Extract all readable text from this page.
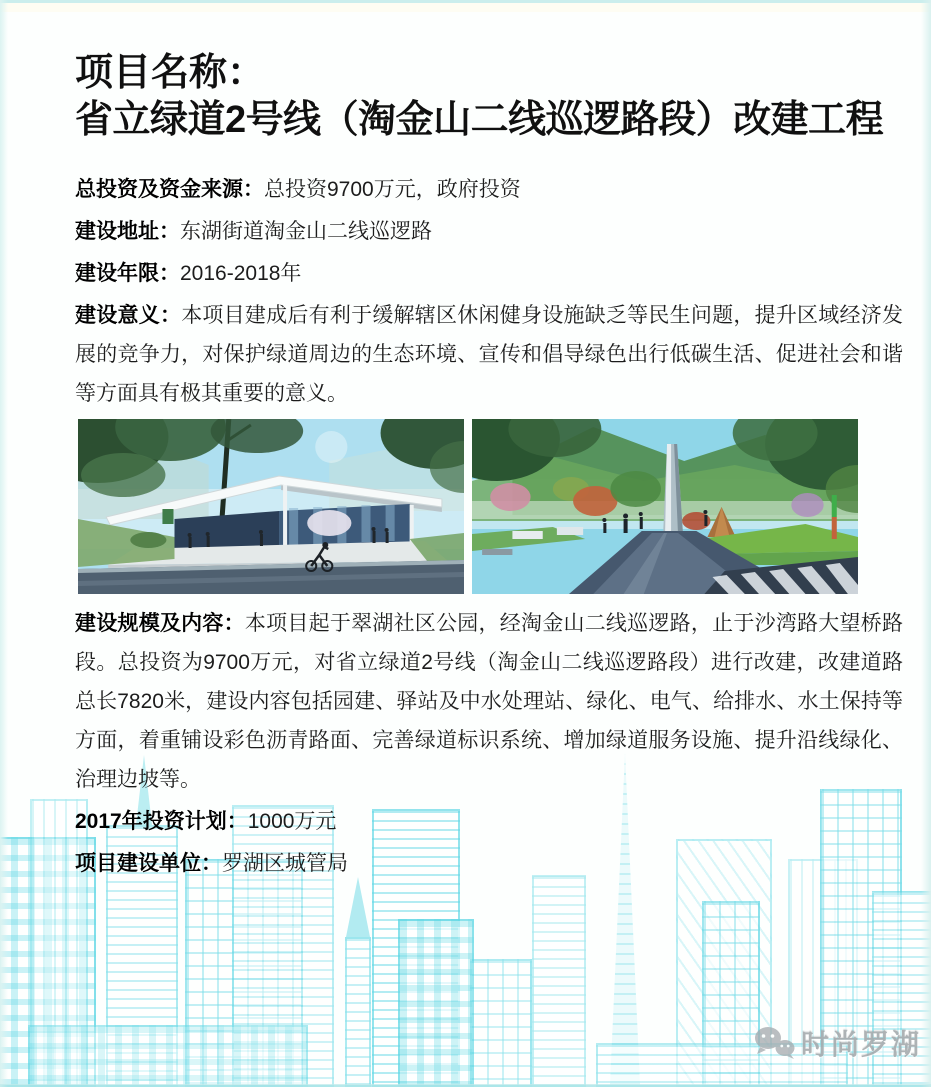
项目名称：
省立绿道2号线（淘金山二线巡逻路段）改建工程

总投资及资金来源：总投资9700万元，政府投资

建设地址：东湖街道淘金山二线巡逻路

建设年限：2016-2018年

建设意义：本项目建成后有利于缓解辖区休闲健身设施缺乏等民生问题，提升区域经济发展的竞争力，对保护绿道周边的生态环境、宣传和倡导绿色出行低碳生活、促进社会和谐等方面具有极其重要的意义。

建设规模及内容：本项目起于翠湖社区公园，经淘金山二线巡逻路，止于沙湾路大望桥路段。总投资为9700万元，对省立绿道2号线（淘金山二线巡逻路段）进行改建，改建道路总长7820米，建设内容包括园建、驿站及中水处理站、绿化、电气、给排水、水土保持等方面，着重铺设彩色沥青路面、完善绿道标识系统、增加绿道服务设施、提升沿线绿化、治理边坡等。

2017年投资计划：1000万元

项目建设单位：罗湖区城管局

时尚罗湖
